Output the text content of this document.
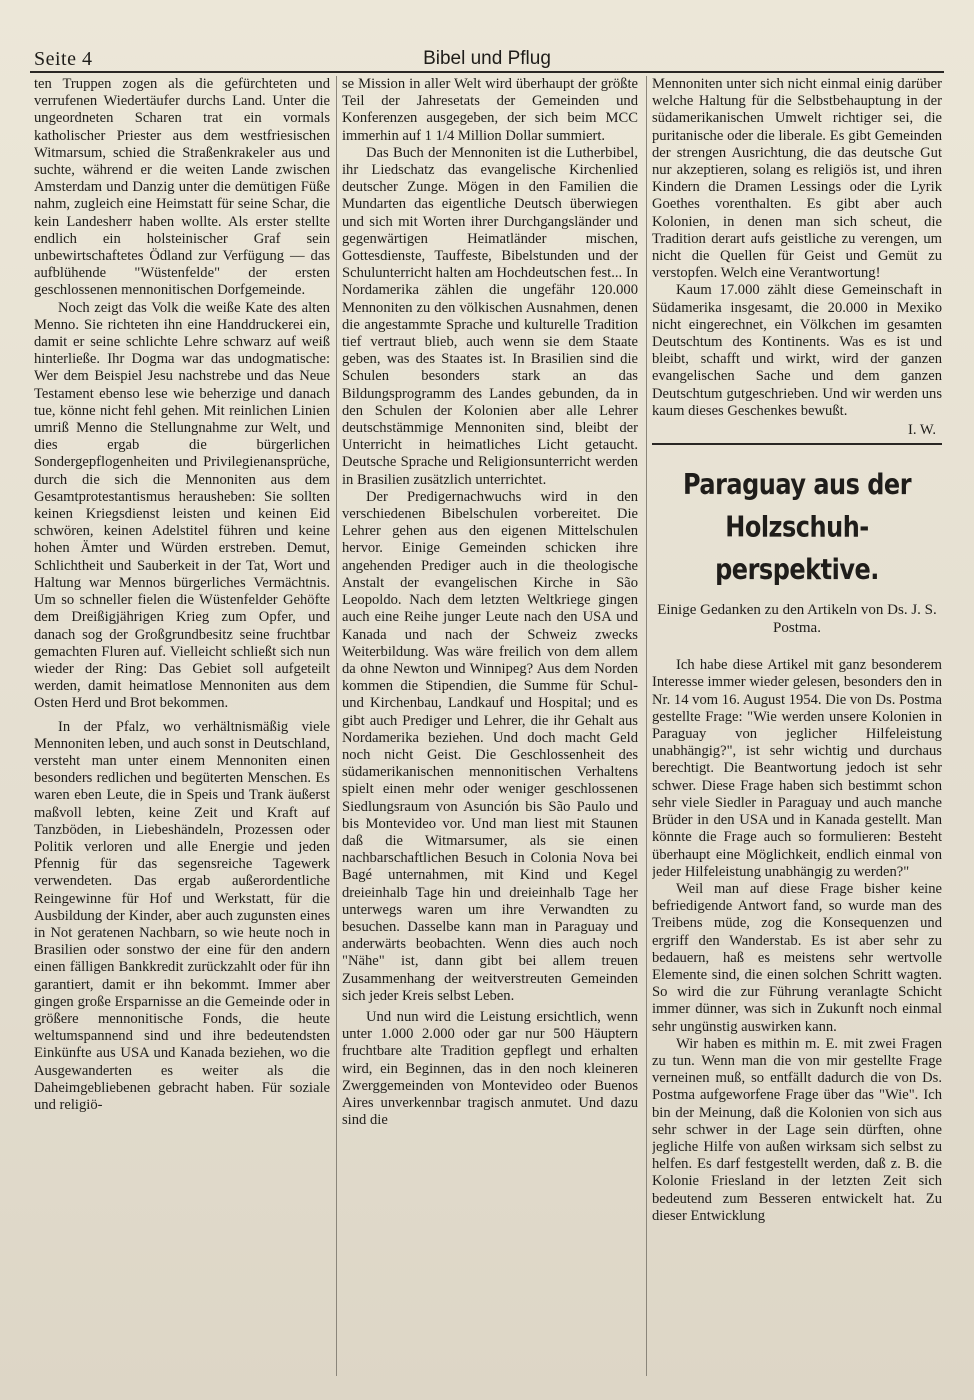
Seite 4	Bibel und Pflug

ten Truppen zogen als die gefürchteten und verrufenen Wiedertäufer durchs Land. Unter die ungeordneten Scharen trat ein vormals katholischer Priester aus dem westfriesischen Witmarsum, schied die Straßenkrakeler aus und suchte, während er die weiten Lande zwischen Amsterdam und Danzig unter die demütigen Füße nahm, zugleich eine Heimstatt für seine Schar, die kein Landesherr haben wollte. Als erster stellte endlich ein holsteinischer Graf sein unbewirtschaftetes Ödland zur Verfügung — das aufblühende "Wüstenfelde" der ersten geschlossenen mennonitischen Dorfgemeinde.

Noch zeigt das Volk die weiße Kate des alten Menno. Sie richteten ihn eine Handdruckerei ein, damit er seine schlichte Lehre schwarz auf weiß hinterließe. Ihr Dogma war das undogmatische: Wer dem Beispiel Jesu nachstrebe und das Neue Testament ebenso lese wie beherzige und danach tue, könne nicht fehl gehen. Mit reinlichen Linien umriß Menno die Stellungnahme zur Welt, und dies ergab die bürgerlichen Sondergepflogenheiten und Privilegienansprüche, durch die sich die Mennoniten aus dem Gesamtprotestantismus herausheben: Sie sollten keinen Kriegsdienst leisten und keinen Eid schwören, keinen Adelstitel führen und keine hohen Ämter und Würden erstreben. Demut, Schlichtheit und Sauberkeit in der Tat, Wort und Haltung war Mennos bürgerliches Vermächtnis. Um so schneller fielen die Wüstenfelder Gehöfte dem Dreißigjährigen Krieg zum Opfer, und danach sog der Großgrundbesitz seine fruchtbar gemachten Fluren auf. Vielleicht schließt sich nun wieder der Ring: Das Gebiet soll aufgeteilt werden, damit heimatlose Mennoniten aus dem Osten Herd und Brot bekommen.

In der Pfalz, wo verhältnismäßig viele Mennoniten leben, und auch sonst in Deutschland, versteht man unter einem Mennoniten einen besonders redlichen und begüterten Menschen. Es waren eben Leute, die in Speis und Trank äußerst maßvoll lebten, keine Zeit und Kraft auf Tanzböden, in Liebeshändeln, Prozessen oder Politik verloren und alle Energie und jeden Pfennig für das segensreiche Tagewerk verwendeten. Das ergab außerordentliche Reingewinne für Hof und Werkstatt, für die Ausbildung der Kinder, aber auch zugunsten eines in Not geratenen Nachbarn, so wie heute noch in Brasilien oder sonstwo der eine für den andern einen fälligen Bankkredit zurückzahlt oder für ihn garantiert, damit er ihn bekommt. Immer aber gingen große Ersparnisse an die Gemeinde oder in größere mennonitische Fonds, die heute weltumspannend sind und ihre bedeutendsten Einkünfte aus USA und Kanada beziehen, wo die Ausgewanderten es weiter als die Daheimgebliebenen gebracht haben. Für soziale und religiö-

se Mission in aller Welt wird überhaupt der größte Teil der Jahresetats der Gemeinden und Konferenzen ausgegeben, der sich beim MCC immerhin auf 1 1/4 Million Dollar summiert.

Das Buch der Mennoniten ist die Lutherbibel, ihr Liedschatz das evangelische Kirchenlied deutscher Zunge. Mögen in den Familien die Mundarten das eigentliche Deutsch überwiegen und sich mit Worten ihrer Durchgangsländer und gegenwärtigen Heimatländer mischen, Gottesdienste, Tauffeste, Bibelstunden und der Schulunterricht halten am Hochdeutschen fest... In Nordamerika zählen die ungefähr 120.000 Mennoniten zu den völkischen Ausnahmen, denen die angestammte Sprache und kulturelle Tradition tief vertraut blieb, auch wenn sie dem Staate geben, was des Staates ist. In Brasilien sind die Schulen besonders stark an das Bildungsprogramm des Landes gebunden, da in den Schulen der Kolonien aber alle Lehrer deutschstämmige Mennoniten sind, bleibt der Unterricht in heimatliches Licht getaucht. Deutsche Sprache und Religionsunterricht werden in Brasilien zusätzlich unterrichtet.

Der Predigernachwuchs wird in den verschiedenen Bibelschulen vorbereitet. Die Lehrer gehen aus den eigenen Mittelschulen hervor. Einige Gemeinden schicken ihre angehenden Prediger auch in die theologische Anstalt der evangelischen Kirche in São Leopoldo. Nach dem letzten Weltkriege gingen auch eine Reihe junger Leute nach den USA und Kanada und nach der Schweiz zwecks Weiterbildung. Was wäre freilich von dem allem da ohne Newton und Winnipeg? Aus dem Norden kommen die Stipendien, die Summe für Schul- und Kirchenbau, Landkauf und Hospital; und es gibt auch Prediger und Lehrer, die ihr Gehalt aus Nordamerika beziehen. Und doch macht Geld noch nicht Geist. Die Geschlossenheit des südamerikanischen mennonitischen Verhaltens spielt einen mehr oder weniger geschlossenen Siedlungsraum von Asunción bis São Paulo und bis Montevideo vor. Und man liest mit Staunen daß die Witmarsumer, als sie einen nachbarschaftlichen Besuch in Colonia Nova bei Bagé unternahmen, mit Kind und Kegel dreieinhalb Tage hin und dreieinhalb Tage her unterwegs waren um ihre Verwandten zu besuchen. Dasselbe kann man in Paraguay und anderwärts beobachten. Wenn dies auch noch "Nähe" ist, dann gibt bei allem treuen Zusammenhang der weitverstreuten Gemeinden sich jeder Kreis selbst Leben.

Und nun wird die Leistung ersichtlich, wenn unter 1.000 2.000 oder gar nur 500 Häuptern fruchtbare alte Tradition gepflegt und erhalten wird, ein Beginnen, das in den noch kleineren Zwerggemeinden von Montevideo oder Buenos Aires unverkennbar tragisch anmutet. Und dazu sind die

Mennoniten unter sich nicht einmal einig darüber welche Haltung für die Selbstbehauptung in der südamerikanischen Umwelt richtiger sei, die puritanische oder die liberale. Es gibt Gemeinden der strengen Ausrichtung, die das deutsche Gut nur akzeptieren, solang es religiös ist, und ihren Kindern die Dramen Lessings oder die Lyrik Goethes vorenthalten. Es gibt aber auch Kolonien, in denen man sich scheut, die Tradition derart aufs geistliche zu verengen, um nicht die Quellen für Geist und Gemüt zu verstopfen. Welch eine Verantwortung!

Kaum 17.000 zählt diese Gemeinschaft in Südamerika insgesamt, die 20.000 in Mexiko nicht eingerechnet, ein Völkchen im gesamten Deutschtum des Kontinents. Was es ist und bleibt, schafft und wirkt, wird der ganzen evangelischen Sache und dem ganzen Deutschtum gutgeschrieben. Und wir werden uns kaum dieses Geschenkes bewußt.

I. W.
Paraguay aus der Holzschuh-perspektive.
Einige Gedanken zu den Artikeln von Ds. J. S. Postma.

Ich habe diese Artikel mit ganz besonderem Interesse immer wieder gelesen, besonders den in Nr. 14 vom 16. August 1954. Die von Ds. Postma gestellte Frage: "Wie werden unsere Kolonien in Paraguay von jeglicher Hilfeleistung unabhängig?", ist sehr wichtig und durchaus berechtigt. Die Beantwortung jedoch ist sehr schwer. Diese Frage haben sich bestimmt schon sehr viele Siedler in Paraguay und auch manche Brüder in den USA und in Kanada gestellt. Man könnte die Frage auch so formulieren: Besteht überhaupt eine Möglichkeit, endlich einmal von jeder Hilfeleistung unabhängig zu werden?"

Weil man auf diese Frage bisher keine befriedigende Antwort fand, so wurde man des Treibens müde, zog die Konsequenzen und ergriff den Wanderstab. Es ist aber sehr zu bedauern, haß es meistens sehr wertvolle Elemente sind, die einen solchen Schritt wagten. So wird die zur Führung veranlagte Schicht immer dünner, was sich in Zukunft noch einmal sehr ungünstig auswirken kann.

Wir haben es mithin m. E. mit zwei Fragen zu tun. Wenn man die von mir gestellte Frage verneinen muß, so entfällt dadurch die von Ds. Postma aufgeworfene Frage über das "Wie". Ich bin der Meinung, daß die Kolonien von sich aus sehr schwer in der Lage sein dürften, ohne jegliche Hilfe von außen wirksam sich selbst zu helfen. Es darf festgestellt werden, daß z. B. die Kolonie Friesland in der letzten Zeit sich bedeutend zum Besseren entwickelt hat. Zu dieser Entwicklung
